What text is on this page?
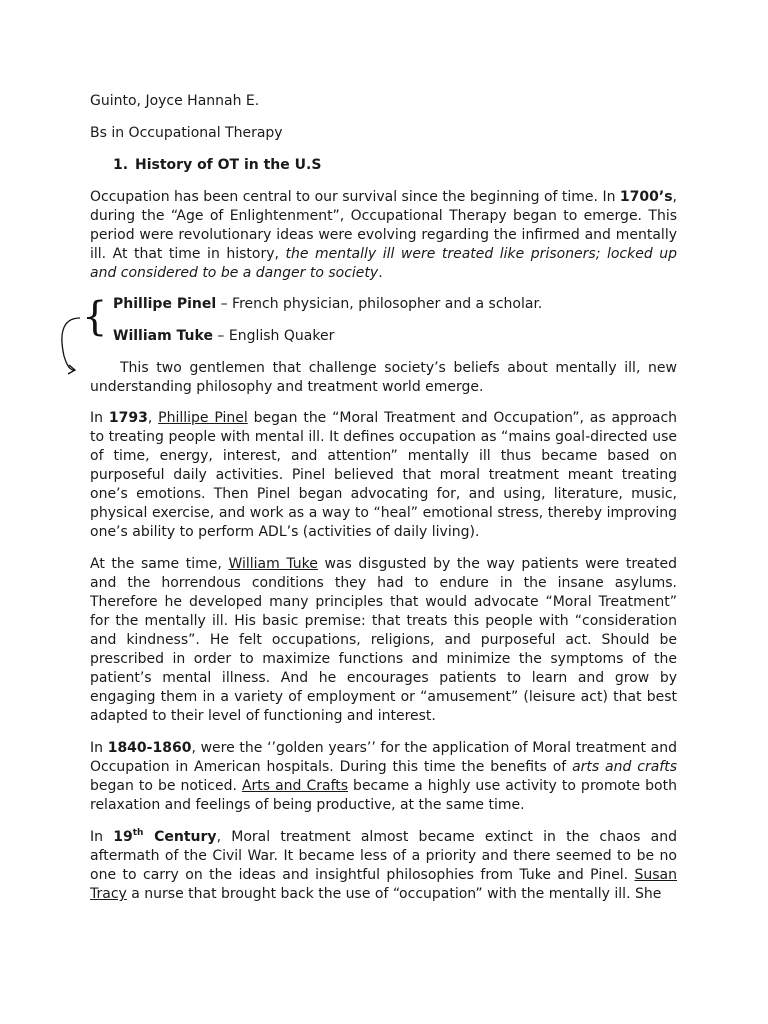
Guinto, Joyce Hannah E.

Bs in Occupational Therapy

1. History of OT in the U.S

Occupation has been central to our survival since the beginning of time. In 1700’s, during the “Age of Enlightenment”, Occupational Therapy began to emerge. This period were revolutionary ideas were evolving regarding the infirmed and mentally ill. At that time in history, the mentally ill were treated like prisoners; locked up and considered to be a danger to society.

{ Phillipe Pinel – French physician, philosopher and a scholar.

William Tuke – English Quaker

This two gentlemen that challenge society’s beliefs about mentally ill, new understanding philosophy and treatment world emerge.

In 1793, Phillipe Pinel began the “Moral Treatment and Occupation”, as approach to treating people with mental ill. It defines occupation as “mains goal-directed use of time, energy, interest, and attention” mentally ill thus became based on purposeful daily activities. Pinel believed that moral treatment meant treating one’s emotions. Then Pinel began advocating for, and using, literature, music, physical exercise, and work as a way to “heal” emotional stress, thereby improving one’s ability to perform ADL’s (activities of daily living).

At the same time, William Tuke was disgusted by the way patients were treated and the horrendous conditions they had to endure in the insane asylums. Therefore he developed many principles that would advocate “Moral Treatment” for the mentally ill. His basic premise: that treats this people with “consideration and kindness”. He felt occupations, religions, and purposeful act. Should be prescribed in order to maximize functions and minimize the symptoms of the patient’s mental illness. And he encourages patients to learn and grow by engaging them in a variety of employment or “amusement” (leisure act) that best adapted to their level of functioning and interest.

In 1840-1860, were the ‘’golden years’’ for the application of Moral treatment and Occupation in American hospitals. During this time the benefits of arts and crafts began to be noticed. Arts and Crafts became a highly use activity to promote both relaxation and feelings of being productive, at the same time.

In 19th Century, Moral treatment almost became extinct in the chaos and aftermath of the Civil War. It became less of a priority and there seemed to be no one to carry on the ideas and insightful philosophies from Tuke and Pinel. Susan Tracy a nurse that brought back the use of “occupation” with the mentally ill. She
